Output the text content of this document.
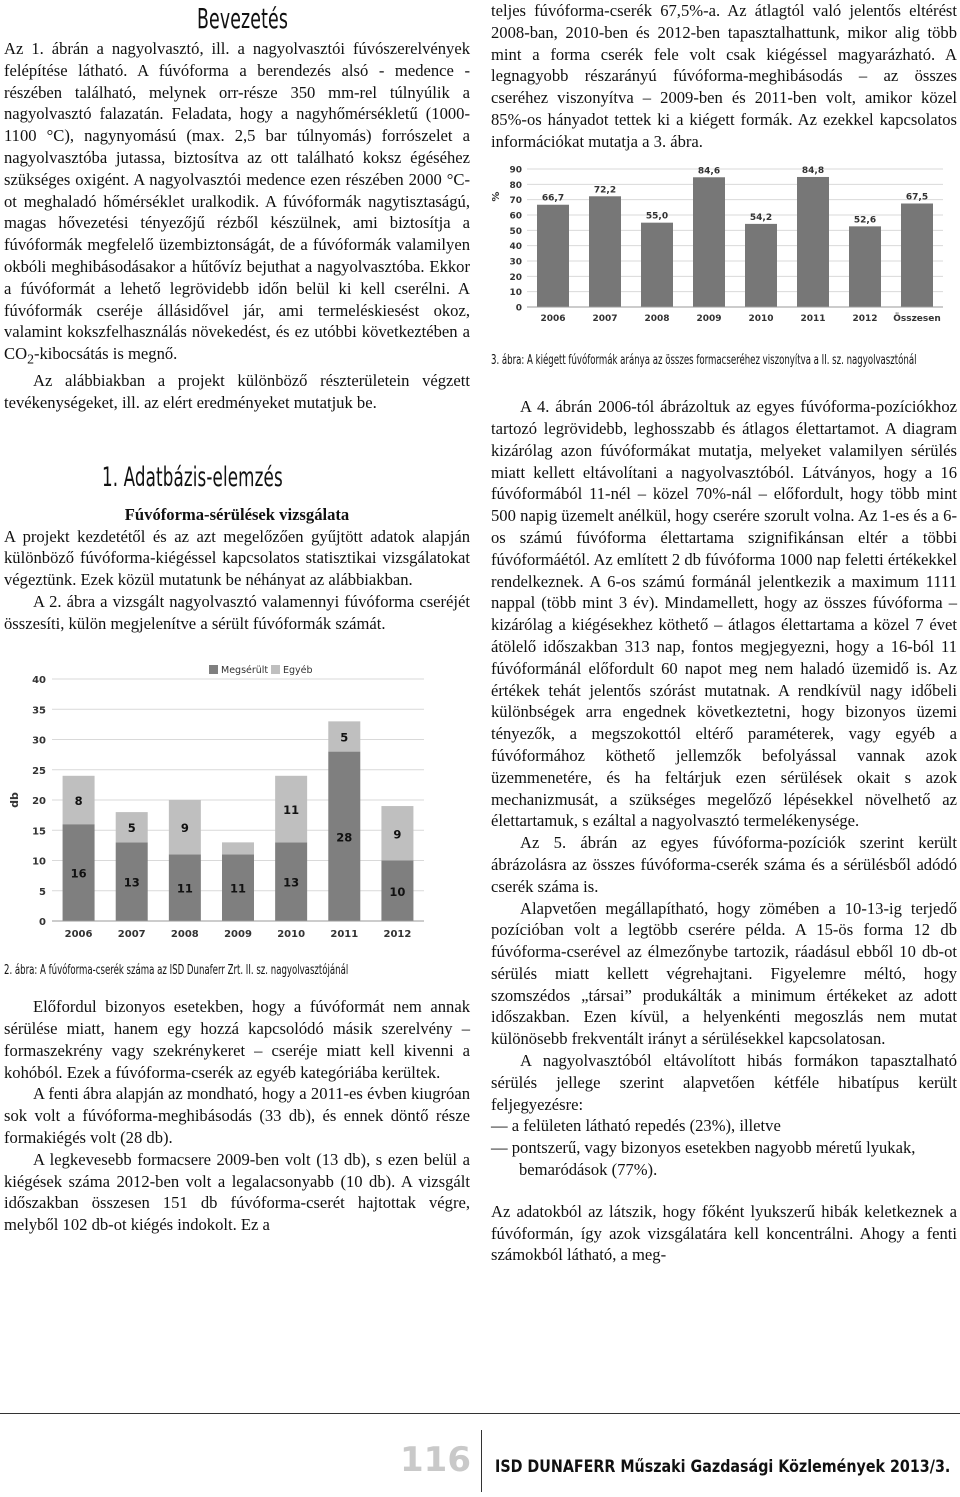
Bevezetés

Az 1. ábrán a nagyolvasztó, ill. a nagyolvasztói fúvószerelvények felépítése látható. A fúvóforma a berendezés alsó - medence - részében található, melynek orr-része 350 mm-rel túlnyúlik a nagyolvasztó falazatán. Feladata, hogy a nagyhőmérsékletű (1000-1100 °C), nagynyomású (max. 2,5 bar túlnyomás) forrószelet a nagyolvasztóba jutassa, biztosítva az ott található koksz égéséhez szükséges oxigént. A nagyolvasztói medence ezen részében 2000 °C-ot meghaladó hőmérséklet uralkodik. A fúvóformák nagytisztaságú, magas hővezetési tényezőjű rézből készülnek, ami biztosítja a fúvóformák megfelelő üzembiztonságát, de a fúvóformák valamilyen okbóli meghibásodásakor a hűtővíz bejuthat a nagyolvasztóba. Ekkor a fúvóformát a lehető legrövidebb időn belül ki kell cserélni. A fúvóformák cseréje állásidővel jár, ami termeléskiesést okoz, valamint kokszfelhasználás növekedést, és ez utóbbi következtében a $CO_2$-kibocsátás is megnő.

Az alábbiakban a projekt különböző részterületein végzett tevékenységeket, ill. az elért eredményeket mutatjuk be.

1. Adatbázis-elemzés

Fúvóforma-sérülések vizsgálata

A projekt kezdetétől és az azt megelőzően gyűjtött adatok alapján különböző fúvóforma-kiégéssel kapcsolatos statisztikai vizsgálatokat végeztünk. Ezek közül mutatunk be néhányat az alábbiakban.

A 2. ábra a vizsgált nagyolvasztó valamennyi fúvóforma cseréjét összesíti, külön megjelenítve a sérült fúvóformák számát.

0
5
10
15
20
25
30
35
40
db
Megsérült Egyéb
16
8
2006
13
5
2007
11
9
2008
11
2009
13
11
2010
28
5
2011
10
9
2012
2. ábra: A fúvóforma-cserék száma az ISD Dunaferr Zrt. II. sz. nagyolvasztójánál

Előfordul bizonyos esetekben, hogy a fúvóformát nem annak sérülése miatt, hanem egy hozzá kapcsolódó másik szerelvény – formaszekrény vagy szekrénykeret – cseréje miatt kell kivenni a kohóból. Ezek a fúvóforma-cserék az egyéb kategóriába kerültek.

A fenti ábra alapján az mondható, hogy a 2011-es évben kiugróan sok volt a fúvóforma-meghibásodás (33 db), és ennek döntő része formakiégés volt (28 db).

A legkevesebb formacsere 2009-ben volt (13 db), s ezen belül a kiégések száma 2012-ben volt a legalacsonyabb (10 db). A vizsgált időszakban összesen 151 db fúvóforma-cserét hajtottak végre, melyből 102 db-ot kiégés indokolt. Ez a

teljes fúvóforma-cserék 67,5%-a. Az átlagtól való jelentős eltérést 2008-ban, 2010-ben és 2012-ben tapasztalhattunk, mikor alig több mint a forma cserék fele volt csak kiégéssel magyarázható. A legnagyobb részarányú fúvóforma-meghibásodás – az összes cseréhez viszonyítva – 2009-ben és 2011-ben volt, amikor közel 85%-os hányadot tettek ki a kiégett formák. Az ezekkel kapcsolatos információkat mutatja a 3. ábra.

0
10
20
30
40
50
60
70
80
90
%	66,7
2006
72,2
2007
55,0
2008
84,6
2009
54,2
2010
84,8
2011
52,6
2012
67,5
Összesen
3. ábra: A kiégett fúvóformák aránya az összes formacseréhez viszonyítva a II. sz. nagyolvasztónál

A 4. ábrán 2006-tól ábrázoltuk az egyes fúvóforma-pozíciókhoz tartozó legrövidebb, leghosszabb és átlagos élettartamot. A diagram kizárólag azon fúvóformákat mutatja, melyeket valamilyen sérülés miatt kellett eltávolítani a nagyolvasztóból. Látványos, hogy a 16 fúvóformából 11-nél – közel 70%-nál – előfordult, hogy több mint 500 napig üzemelt anélkül, hogy cserére szorult volna. Az 1-es és a 6-os számú fúvóforma élettartama szignifikánsan eltér a többi fúvóformáétól. Az említett 2 db fúvóforma 1000 nap feletti értékekkel rendelkeznek. A 6-os számú formánál jelentkezik a maximum 1111 nappal (több mint 3 év). Mindamellett, hogy az összes fúvóforma – kizárólag a kiégésekhez köthető – átlagos élettartama a közel 7 évet átölelő időszakban 313 nap, fontos megjegyezni, hogy a 16-ból 11 fúvóformánál előfordult 60 napot meg nem haladó üzemidő is. Az értékek tehát jelentős szórást mutatnak. A rendkívül nagy időbeli különbségek arra engednek következtetni, hogy bizonyos üzemi tényezők, a megszokottól eltérő paraméterek, vagy egyéb a fúvóformához köthető jellemzők befolyással vannak azok üzemmenetére, és ha feltárjuk ezen sérülések okait s azok mechanizmusát, a szükséges megelőző lépésekkel növelhető az élettartamuk, s ezáltal a nagyolvasztó termelékenysége.

Az 5. ábrán az egyes fúvóforma-pozíciók szerint került ábrázolásra az összes fúvóforma-cserék száma és a sérülésből adódó cserék száma is.

Alapvetően megállapítható, hogy zömében a 10-13-ig terjedő pozícióban volt a legtöbb cserére példa. A 15-ös forma 12 db fúvóforma-cserével az élmezőnybe tartozik, ráadásul ebből 10 db-ot sérülés miatt kellett végrehajtani. Figyelemre méltó, hogy szomszédos „társai” produkálták a minimum értékeket az adott időszakban. Ezen kívül, a helyenkénti megoszlás nem mutat különösebb frekventált irányt a sérülésekkel kapcsolatosan.

A nagyolvasztóból eltávolított hibás formákon tapasztalható sérülés jellege szerint alapvetően kétféle hibatípus került feljegyezésre:

— a felületen látható repedés (23%), illetve

— pontszerű, vagy bizonyos esetekben nagyobb méretű lyukak, bemaródások (77%).

Az adatokból az látszik, hogy főként lyukszerű hibák keletkeznek a fúvóformán, így azok vizsgálatára kell koncentrálni. Ahogy a fenti számokból látható, a meg-

116 ISD DUNAFERR Műszaki Gazdasági Közlemények 2013/3.
